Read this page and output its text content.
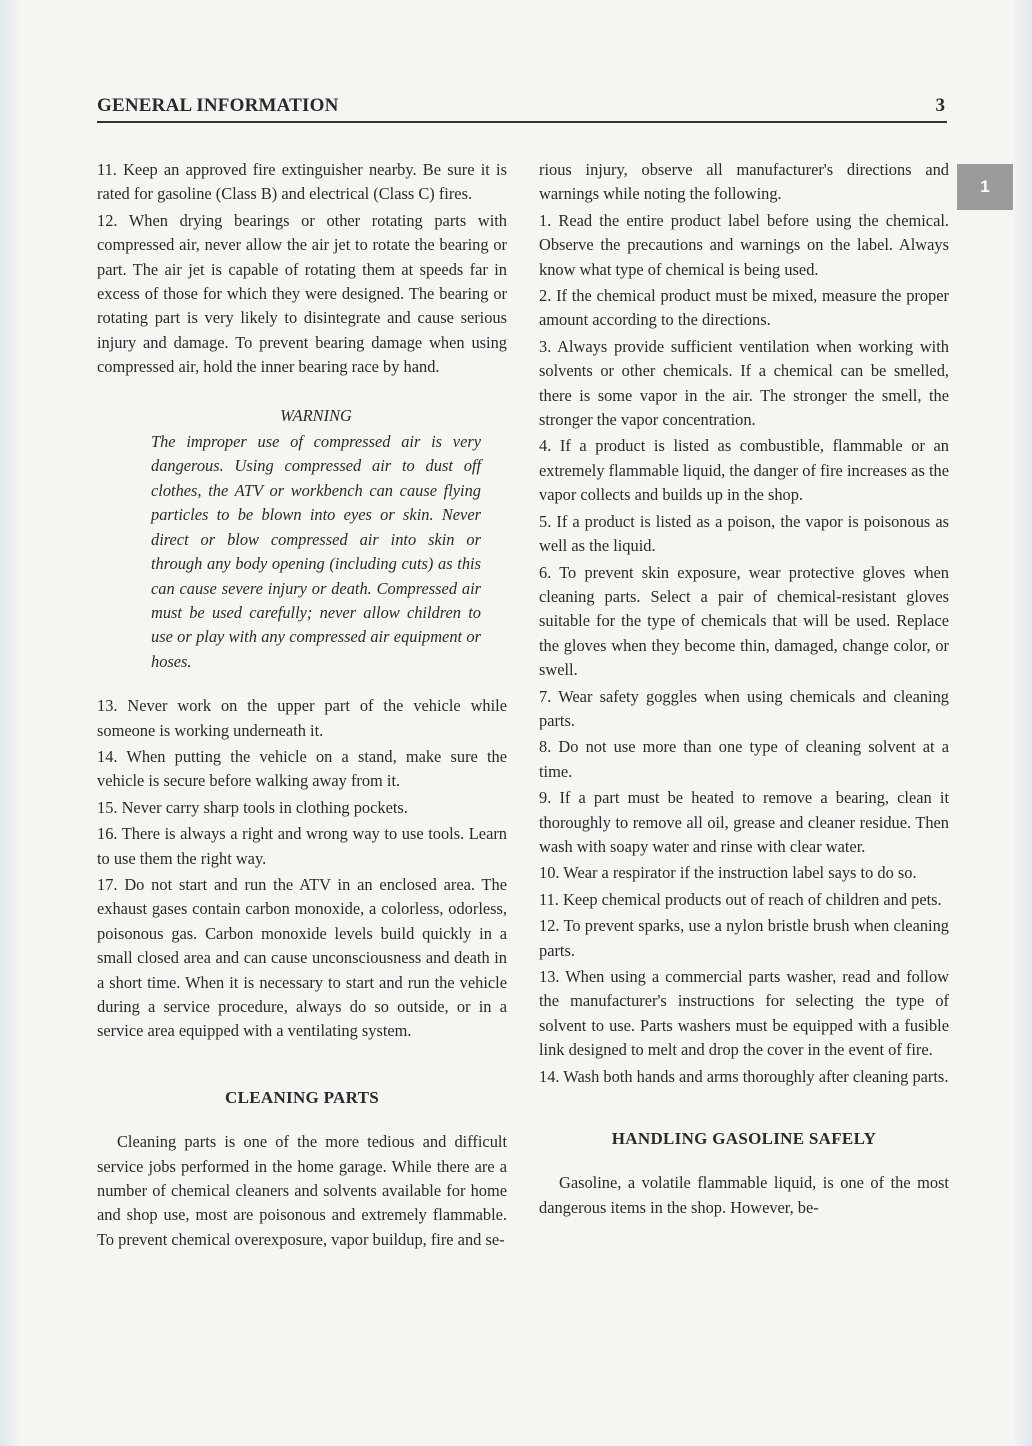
GENERAL INFORMATION	3
1

11. Keep an approved fire extinguisher nearby. Be sure it is rated for gasoline (Class B) and electrical (Class C) fires.

12. When drying bearings or other rotating parts with compressed air, never allow the air jet to rotate the bearing or part. The air jet is capable of rotating them at speeds far in excess of those for which they were designed. The bearing or rotating part is very likely to disintegrate and cause serious injury and damage. To prevent bearing damage when using compressed air, hold the inner bearing race by hand.

WARNING
The improper use of compressed air is very dangerous. Using compressed air to dust off clothes, the ATV or workbench can cause flying particles to be blown into eyes or skin. Never direct or blow compressed air into skin or through any body opening (including cuts) as this can cause severe injury or death. Compressed air must be used carefully; never allow children to use or play with any compressed air equipment or hoses.

13. Never work on the upper part of the vehicle while someone is working underneath it.

14. When putting the vehicle on a stand, make sure the vehicle is secure before walking away from it.

15. Never carry sharp tools in clothing pockets.

16. There is always a right and wrong way to use tools. Learn to use them the right way.

17. Do not start and run the ATV in an enclosed area. The exhaust gases contain carbon monoxide, a colorless, odorless, poisonous gas. Carbon monoxide levels build quickly in a small closed area and can cause unconsciousness and death in a short time. When it is necessary to start and run the vehicle during a service procedure, always do so outside, or in a service area equipped with a ventilating system.

CLEANING PARTS

Cleaning parts is one of the more tedious and difficult service jobs performed in the home garage. While there are a number of chemical cleaners and solvents available for home and shop use, most are poisonous and extremely flammable. To prevent chemical overexposure, vapor buildup, fire and se-

rious injury, observe all manufacturer's directions and warnings while noting the following.

1. Read the entire product label before using the chemical. Observe the precautions and warnings on the label. Always know what type of chemical is being used.

2. If the chemical product must be mixed, measure the proper amount according to the directions.

3. Always provide sufficient ventilation when working with solvents or other chemicals. If a chemical can be smelled, there is some vapor in the air. The stronger the smell, the stronger the vapor concentration.

4. If a product is listed as combustible, flammable or an extremely flammable liquid, the danger of fire increases as the vapor collects and builds up in the shop.

5. If a product is listed as a poison, the vapor is poisonous as well as the liquid.

6. To prevent skin exposure, wear protective gloves when cleaning parts. Select a pair of chemical-resistant gloves suitable for the type of chemicals that will be used. Replace the gloves when they become thin, damaged, change color, or swell.

7. Wear safety goggles when using chemicals and cleaning parts.

8. Do not use more than one type of cleaning solvent at a time.

9. If a part must be heated to remove a bearing, clean it thoroughly to remove all oil, grease and cleaner residue. Then wash with soapy water and rinse with clear water.

10. Wear a respirator if the instruction label says to do so.

11. Keep chemical products out of reach of children and pets.

12. To prevent sparks, use a nylon bristle brush when cleaning parts.

13. When using a commercial parts washer, read and follow the manufacturer's instructions for selecting the type of solvent to use. Parts washers must be equipped with a fusible link designed to melt and drop the cover in the event of fire.

14. Wash both hands and arms thoroughly after cleaning parts.

HANDLING GASOLINE SAFELY

Gasoline, a volatile flammable liquid, is one of the most dangerous items in the shop. However, be-
